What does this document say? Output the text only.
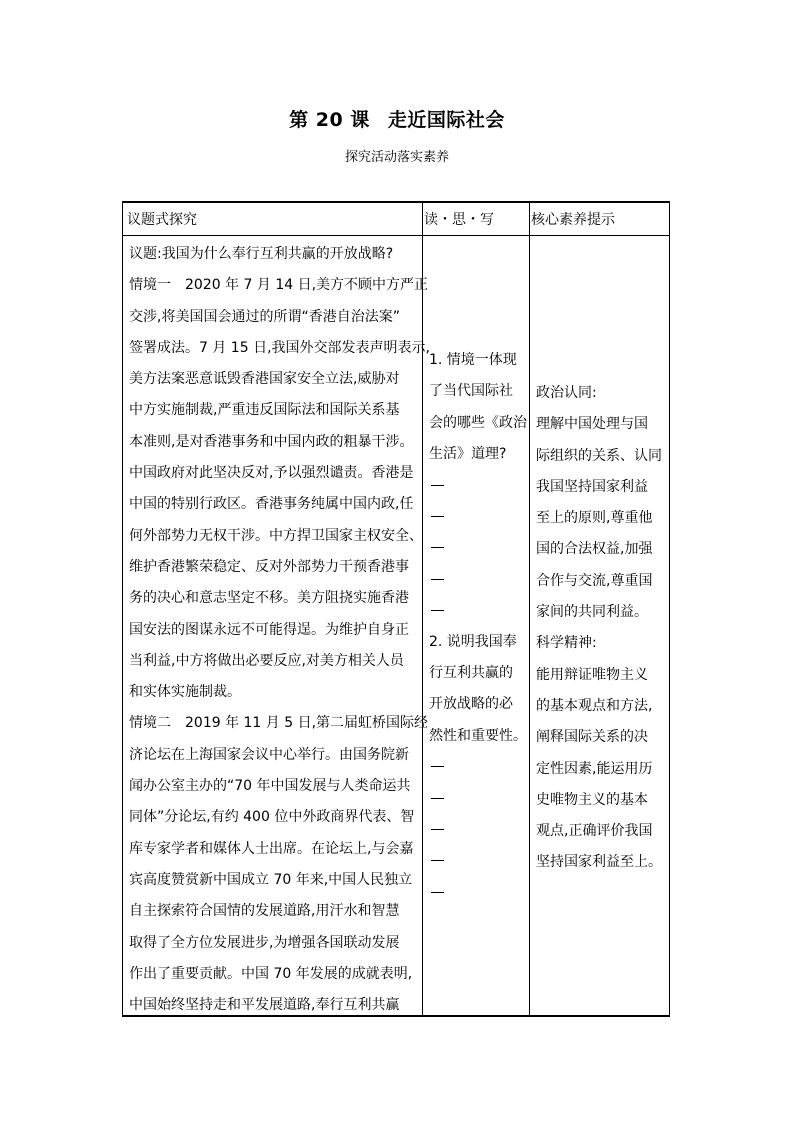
第 20 课 走近国际社会
探究活动落实素养
议题式探究	读・思・写	核心素养提示
议题:我国为什么奉行互利共赢的开放战略?
情境一　2020 年 7 月 14 日,美方不顾中方严正
交涉,将美国国会通过的所谓“香港自治法案”
签署成法。7 月 15 日,我国外交部发表声明表示,
美方法案恶意诋毁香港国家安全立法,威胁对
中方实施制裁,严重违反国际法和国际关系基
本准则,是对香港事务和中国内政的粗暴干涉。
中国政府对此坚决反对,予以强烈谴责。香港是
中国的特别行政区。香港事务纯属中国内政,任
何外部势力无权干涉。中方捍卫国家主权安全、
维护香港繁荣稳定、反对外部势力干预香港事
务的决心和意志坚定不移。美方阻挠实施香港
国安法的图谋永远不可能得逞。为维护自身正
当利益,中方将做出必要反应,对美方相关人员
和实体实施制裁。
情境二　2019 年 11 月 5 日,第二届虹桥国际经
济论坛在上海国家会议中心举行。由国务院新
闻办公室主办的“70 年中国发展与人类命运共
同体”分论坛,有约 400 位中外政商界代表、智
库专家学者和媒体人士出席。在论坛上,与会嘉
宾高度赞赏新中国成立 70 年来,中国人民独立
自主探索符合国情的发展道路,用汗水和智慧
取得了全方位发展进步,为增强各国联动发展
作出了重要贡献。中国 70 年发展的成就表明,
中国始终坚持走和平发展道路,奉行互利共赢
1. 情境一体现
了当代国际社
会的哪些《政治
生活》道理?
2. 说明我国奉
行互利共赢的
开放战略的必
然性和重要性。
政治认同:
理解中国处理与国
际组织的关系、认同
我国坚持国家利益
至上的原则,尊重他
国的合法权益,加强
合作与交流,尊重国
家间的共同利益。
科学精神:
能用辩证唯物主义
的基本观点和方法,
阐释国际关系的决
定性因素,能运用历
史唯物主义的基本
观点,正确评价我国
坚持国家利益至上。
